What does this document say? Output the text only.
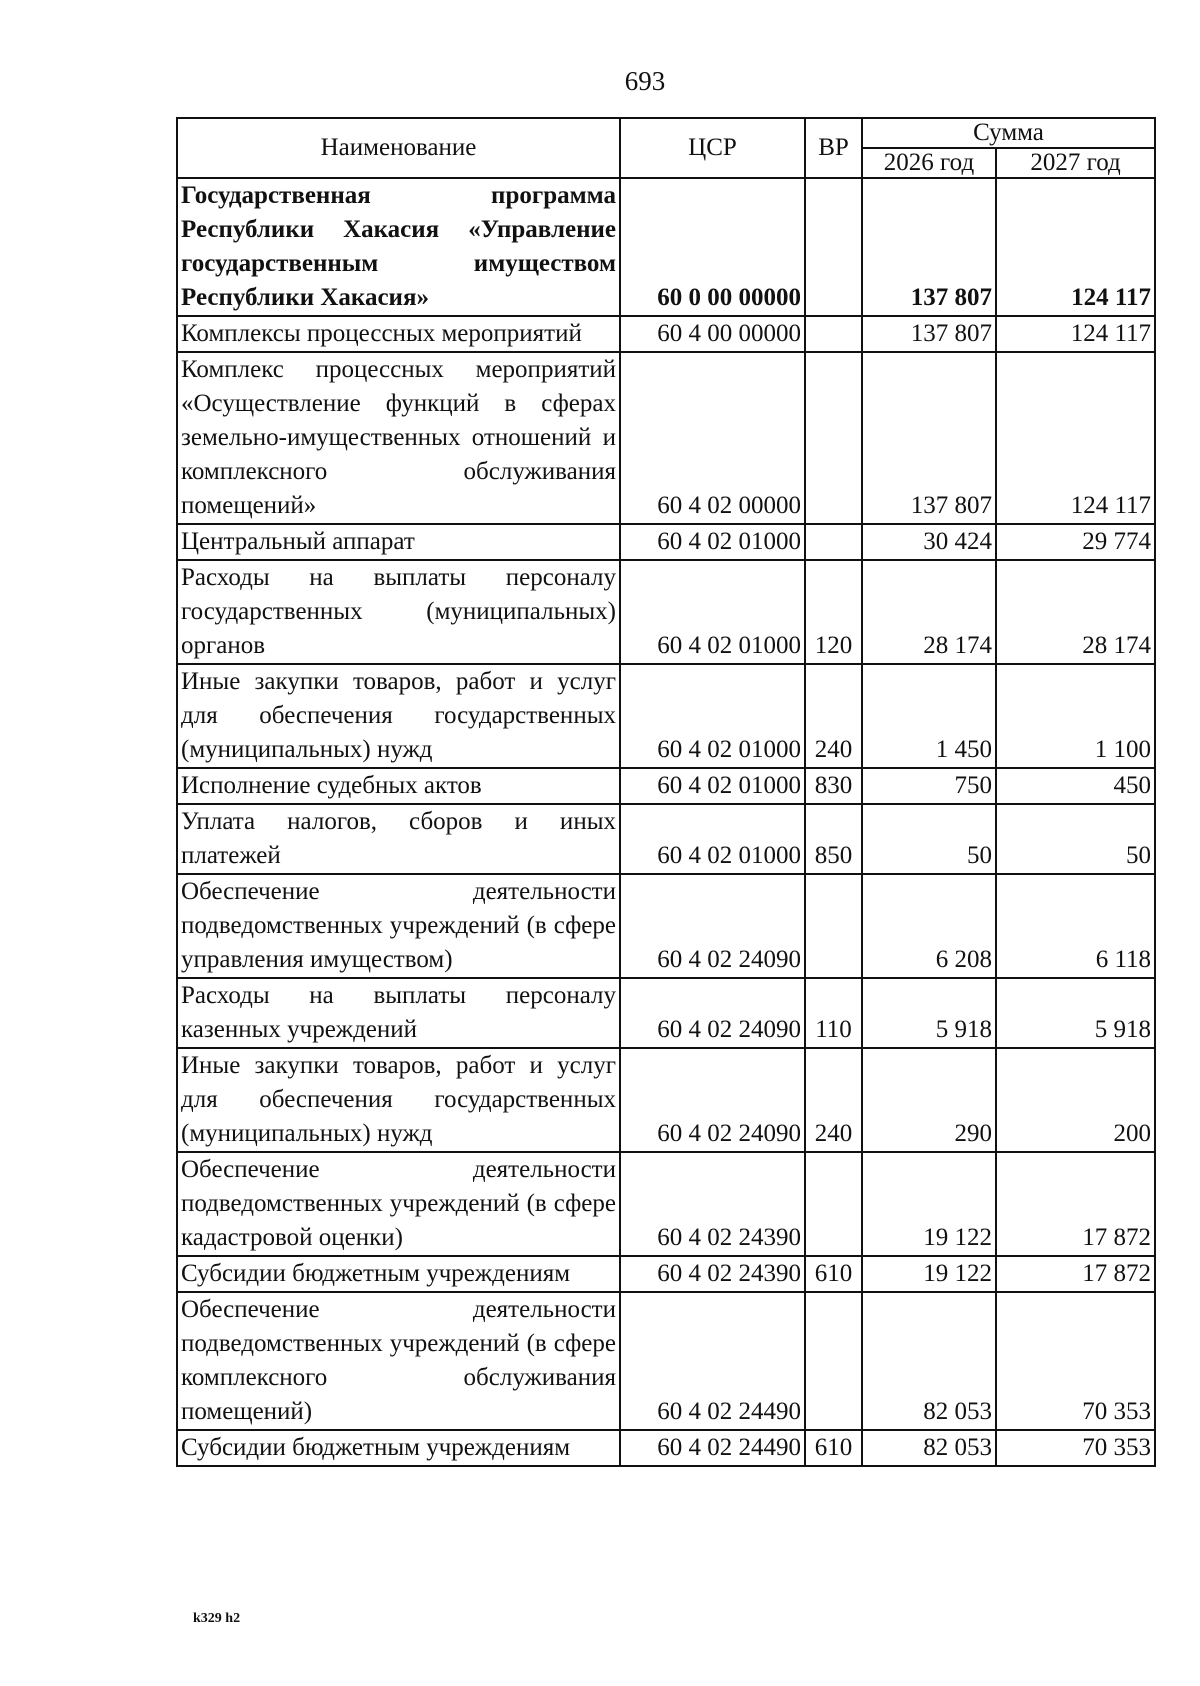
693
Наименование	ЦСР	ВР	Сумма	
			2026 год	2027 год
Государственная программа Республики Хакасия «Управление государственным имуществом Республики Хакасия»	60 0 00 00000		137 807	124 117
Комплексы процессных мероприятий	60 4 00 00000		137 807	124 117
Комплекс процессных мероприятий «Осуществление функций в сферах земельно-имущественных отношений и комплексного обслуживания помещений»	60 4 02 00000		137 807	124 117
Центральный аппарат	60 4 02 01000		30 424	29 774
Расходы на выплаты персоналу государственных (муниципальных) органов	60 4 02 01000	120	28 174	28 174
Иные закупки товаров, работ и услуг для обеспечения государственных (муниципальных) нужд	60 4 02 01000	240	1 450	1 100
Исполнение судебных актов	60 4 02 01000	830	750	450
Уплата налогов, сборов и иных платежей	60 4 02 01000	850	50	50
Обеспечение деятельности подведомственных учреждений (в сфере управления имуществом)	60 4 02 24090		6 208	6 118
Расходы на выплаты персоналу казенных учреждений	60 4 02 24090	110	5 918	5 918
Иные закупки товаров, работ и услуг для обеспечения государственных (муниципальных) нужд	60 4 02 24090	240	290	200
Обеспечение деятельности подведомственных учреждений (в сфере кадастровой оценки)	60 4 02 24390		19 122	17 872
Субсидии бюджетным учреждениям	60 4 02 24390	610	19 122	17 872
Обеспечение деятельности подведомственных учреждений (в сфере комплексного обслуживания помещений)	60 4 02 24490		82 053	70 353
Субсидии бюджетным учреждениям	60 4 02 24490	610	82 053	70 353
k329 h2
